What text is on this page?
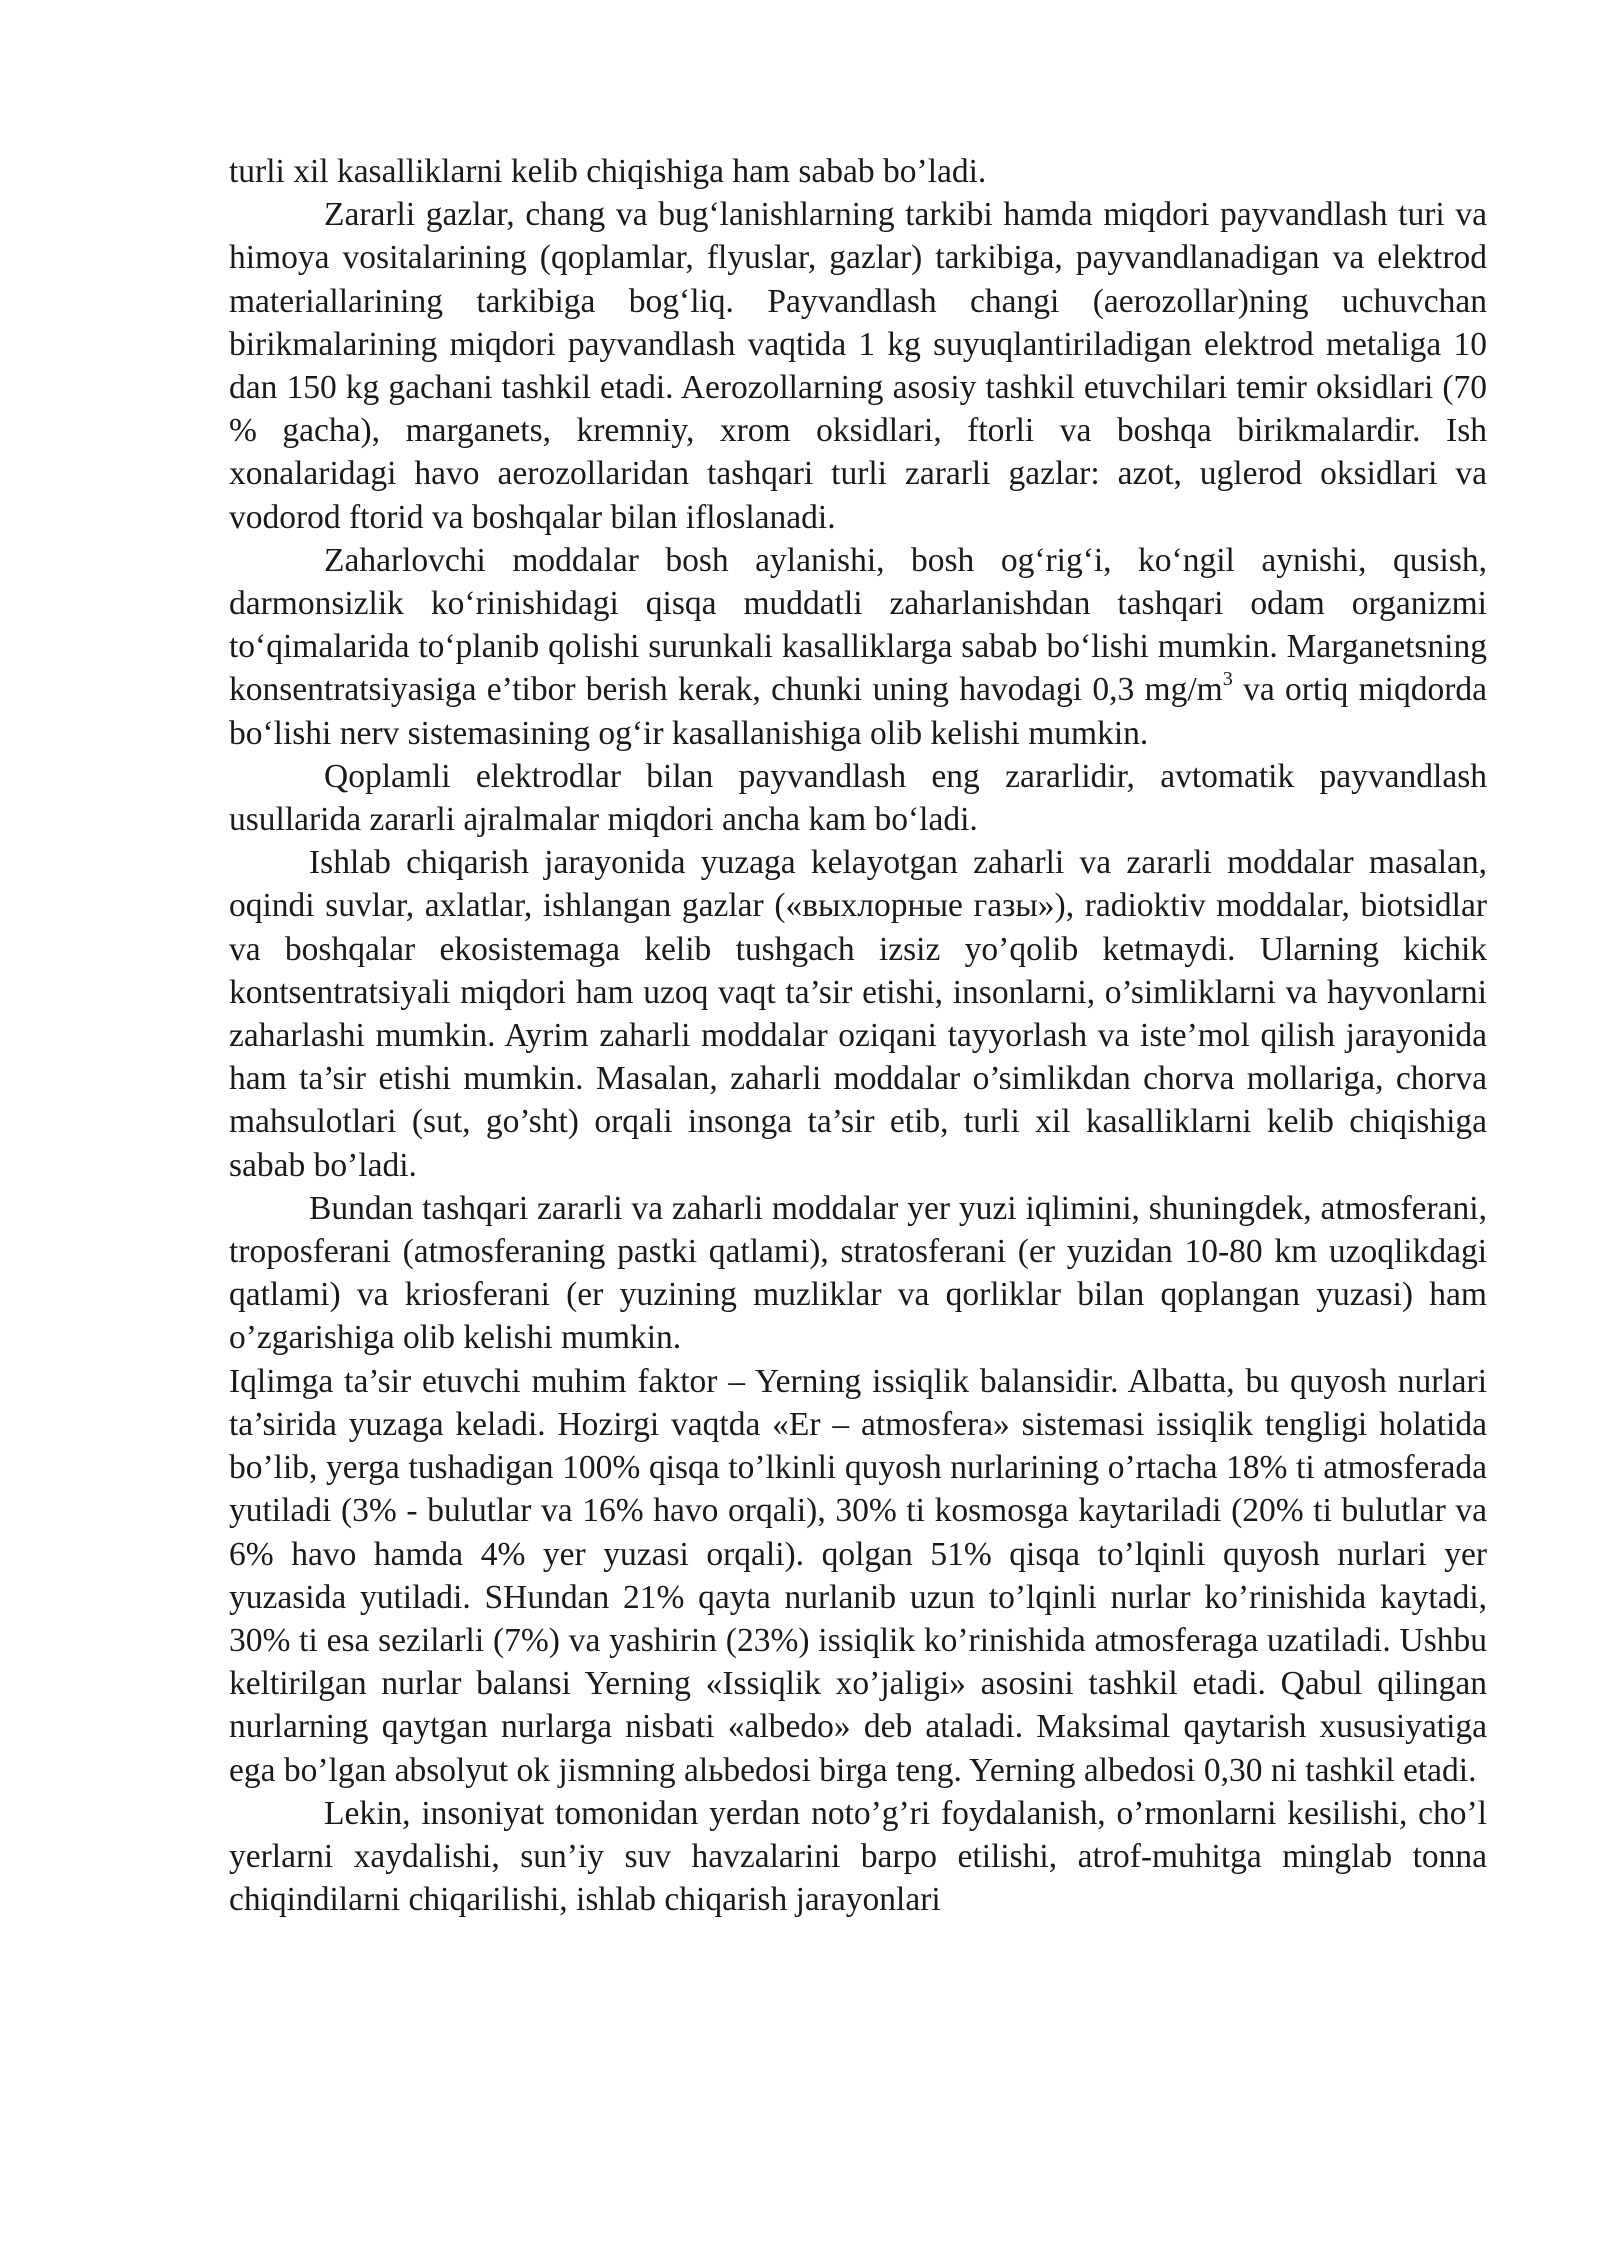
turli xil kasalliklarni kelib chiqishiga ham sabab bo’ladi.

Zararli gazlar, chang va bug‘lanishlarning tarkibi hamda miqdori payvandlash turi va himoya vositalarining (qoplamlar, flyuslar, gazlar) tarkibiga, payvandlanadigan va elektrod materiallarining tarkibiga bog‘liq. Payvandlash changi (aerozollar)ning uchuvchan birikmalarining miqdori payvandlash vaqtida 1 kg suyuqlantiriladigan elektrod metaliga 10 dan 150 kg gachani tashkil etadi. Aerozollarning asosiy tashkil etuvchilari temir oksidlari (70 % gacha), marganets, kremniy, xrom oksidlari, ftorli va boshqa birikmalardir. Ish xonalaridagi havo aerozollaridan tashqari turli zararli gazlar: azot, uglerod oksidlari va vodorod ftorid va boshqalar bilan ifloslanadi.

Zaharlovchi moddalar bosh aylanishi, bosh og‘rig‘i, ko‘ngil aynishi, qusish, darmonsizlik ko‘rinishidagi qisqa muddatli zaharlanishdan tashqari odam organizmi to‘qimalarida to‘planib qolishi surunkali kasalliklarga sabab bo‘lishi mumkin. Marganetsning konsentratsiyasiga e’tibor berish kerak, chunki uning havodagi 0,3 $mg/m^3$ va ortiq miqdorda bo‘lishi nerv sistemasining og‘ir kasallanishiga olib kelishi mumkin.

Qoplamli elektrodlar bilan payvandlash eng zararlidir, avtomatik payvandlash usullarida zararli ajralmalar miqdori ancha kam bo‘ladi.

Ishlab chiqarish jarayonida yuzaga kelayotgan zaharli va zararli moddalar masalan, oqindi suvlar, axlatlar, ishlangan gazlar («выxлорные газы»), radioktiv moddalar, biotsidlar va boshqalar ekosistemaga kelib tushgach izsiz yo’qolib ketmaydi. Ularning kichik kontsentratsiyali miqdori ham uzoq vaqt ta’sir etishi, insonlarni, o’simliklarni va hayvonlarni zaharlashi mumkin. Ayrim zaharli moddalar oziqani tayyorlash va iste’mol qilish jarayonida ham ta’sir etishi mumkin. Masalan, zaharli moddalar o’simlikdan chorva mollariga, chorva mahsulotlari (sut, go’sht) orqali insonga ta’sir etib, turli xil kasalliklarni kelib chiqishiga sabab bo’ladi.

Bundan tashqari zararli va zaharli moddalar yer yuzi iqlimini, shuningdek, atmosferani, troposferani (atmosferaning pastki qatlami), stratosferani (er yuzidan 10-80 km uzoqlikdagi qatlami) va kriosferani (er yuzining muzliklar va qorliklar bilan qoplangan yuzasi) ham o’zgarishiga olib kelishi mumkin.

Iqlimga ta’sir etuvchi muhim faktor – Yerning issiqlik balansidir. Albatta, bu quyosh nurlari ta’sirida yuzaga keladi. Hozirgi vaqtda «Er – atmosfera» sistemasi issiqlik tengligi holatida bo’lib, yerga tushadigan 100% qisqa to’lkinli quyosh nurlarining o’rtacha 18% ti atmosferada yutiladi (3% - bulutlar va 16% havo orqali), 30% ti kosmosga kaytariladi (20% ti bulutlar va 6% havo hamda 4% yer yuzasi orqali). qolgan 51% qisqa to’lqinli quyosh nurlari yer yuzasida yutiladi. SHundan 21% qayta nurlanib uzun to’lqinli nurlar ko’rinishida kaytadi, 30% ti esa sezilarli (7%) va yashirin (23%) issiqlik ko’rinishida atmosferaga uzatiladi. Ushbu keltirilgan nurlar balansi Yerning «Issiqlik xo’jaligi» asosini tashkil etadi. Qabul qilingan nurlarning qaytgan nurlarga nisbati «albedo» deb ataladi. Maksimal qaytarish xususiyatiga ega bo’lgan absolyut ok jismning alьbedosi birga teng. Yerning albedosi 0,30 ni tashkil etadi.

Lekin, insoniyat tomonidan yerdan noto’g’ri foydalanish, o’rmonlarni kesilishi, cho’l yerlarni xaydalishi, sun’iy suv havzalarini barpo etilishi, atrof-muhitga minglab tonna chiqindilarni chiqarilishi, ishlab chiqarish jarayonlari
